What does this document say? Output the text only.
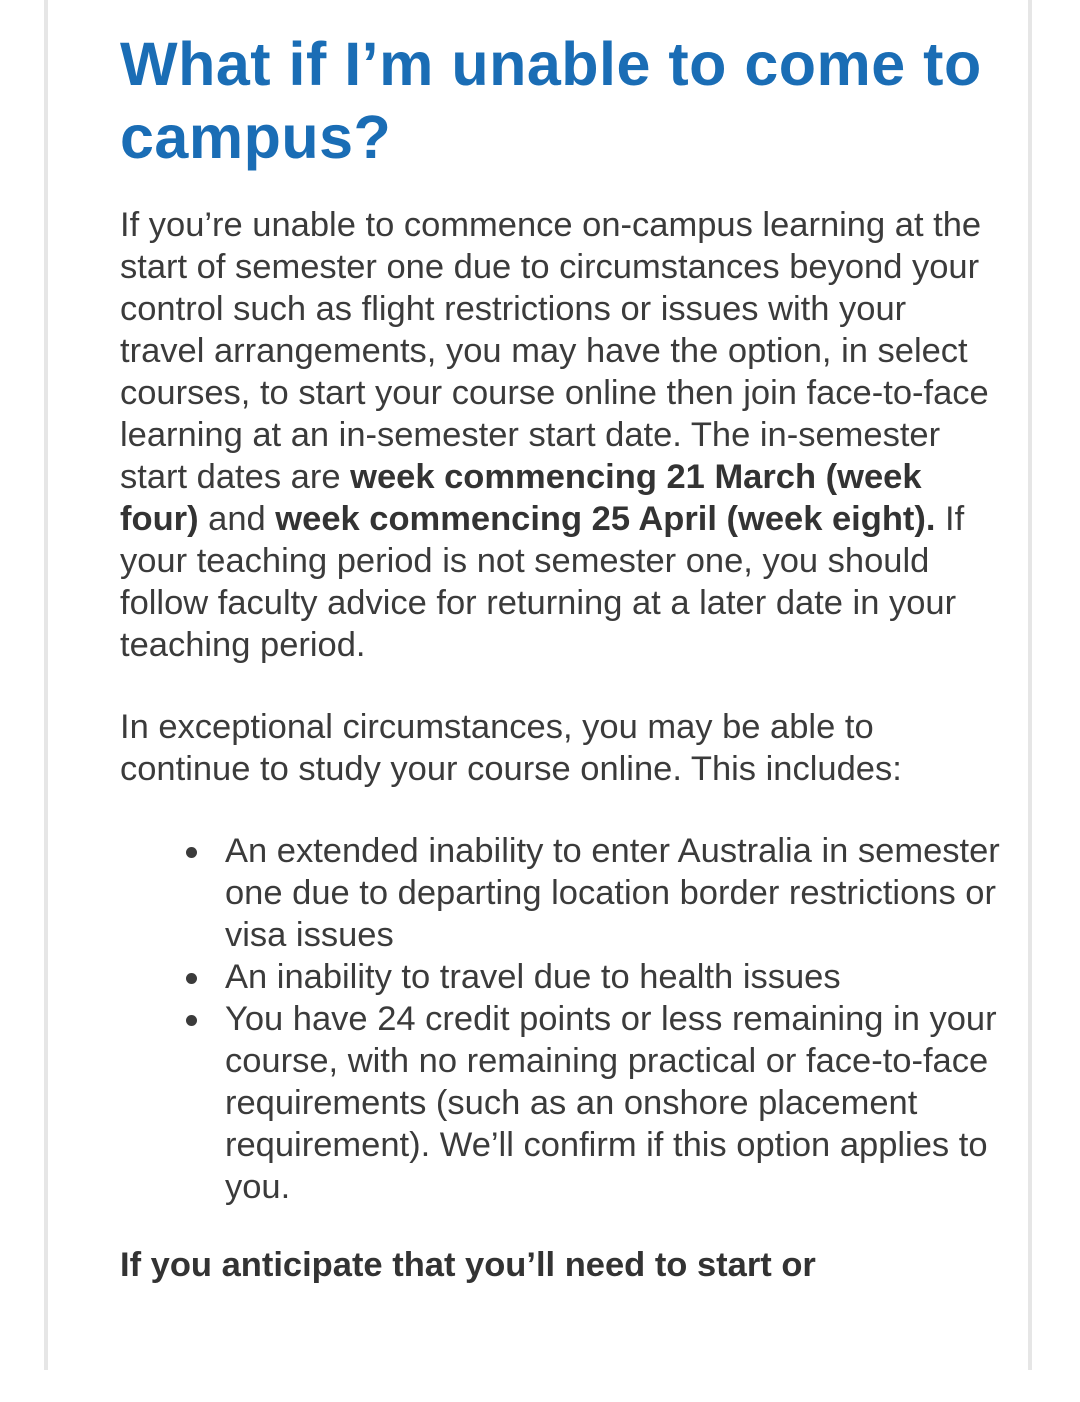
What if I’m unable to come to campus?

If you’re unable to commence on-campus learning at the start of semester one due to circumstances beyond your control such as flight restrictions or issues with your travel arrangements, you may have the option, in select courses, to start your course online then join face-to-face learning at an in-semester start date. The in-semester start dates are week commencing 21 March (week four) and week commencing 25 April (week eight). If your teaching period is not semester one, you should follow faculty advice for returning at a later date in your teaching period.

In exceptional circumstances, you may be able to continue to study your course online. This includes:

An extended inability to enter Australia in semester one due to departing location border restrictions or visa issues
An inability to travel due to health issues
You have 24 credit points or less remaining in your course, with no remaining practical or face-to-face requirements (such as an onshore placement requirement). We’ll confirm if this option applies to you.

If you anticipate that you’ll need to start or
